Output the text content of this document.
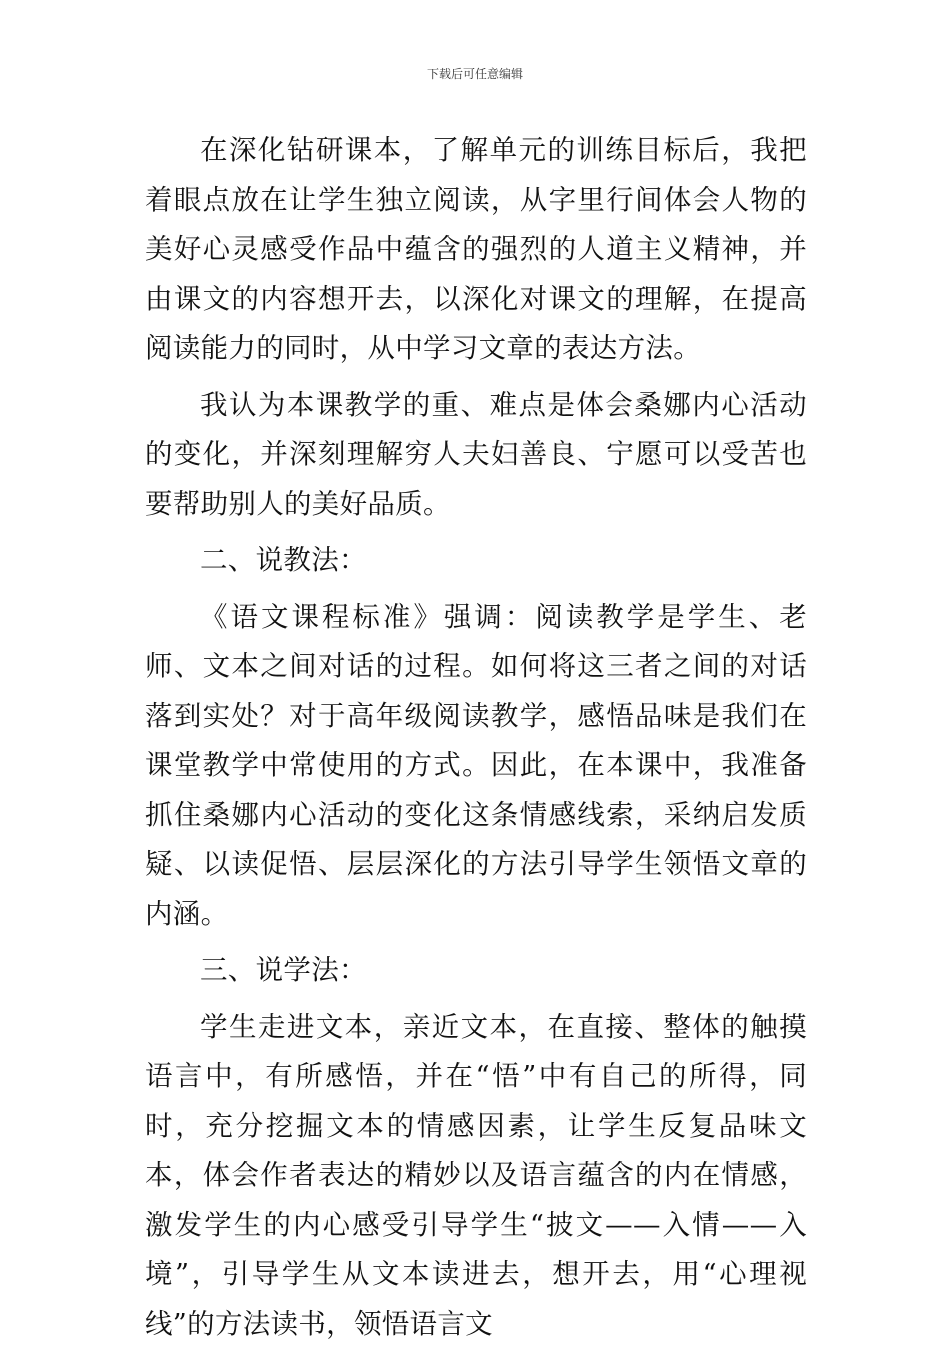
下载后可任意编辑

在深化钻研课本，了解单元的训练目标后，我把着眼点放在让学生独立阅读，从字里行间体会人物的美好心灵感受作品中蕴含的强烈的人道主义精神，并由课文的内容想开去，以深化对课文的理解，在提高阅读能力的同时，从中学习文章的表达方法。

我认为本课教学的重、难点是体会桑娜内心活动的变化，并深刻理解穷人夫妇善良、宁愿可以受苦也要帮助别人的美好品质。

二、说教法：

《语文课程标准》强调：阅读教学是学生、老师、文本之间对话的过程。如何将这三者之间的对话落到实处？对于高年级阅读教学，感悟品味是我们在课堂教学中常使用的方式。因此，在本课中，我准备抓住桑娜内心活动的变化这条情感线索，采纳启发质疑、以读促悟、层层深化的方法引导学生领悟文章的内涵。

三、说学法：

学生走进文本，亲近文本，在直接、整体的触摸语言中，有所感悟，并在“悟”中有自己的所得，同时，充分挖掘文本的情感因素，让学生反复品味文本，体会作者表达的精妙以及语言蕴含的内在情感，激发学生的内心感受引导学生“披文——入情——入境”，引导学生从文本读进去，想开去，用“心理视线”的方法读书，领悟语言文
